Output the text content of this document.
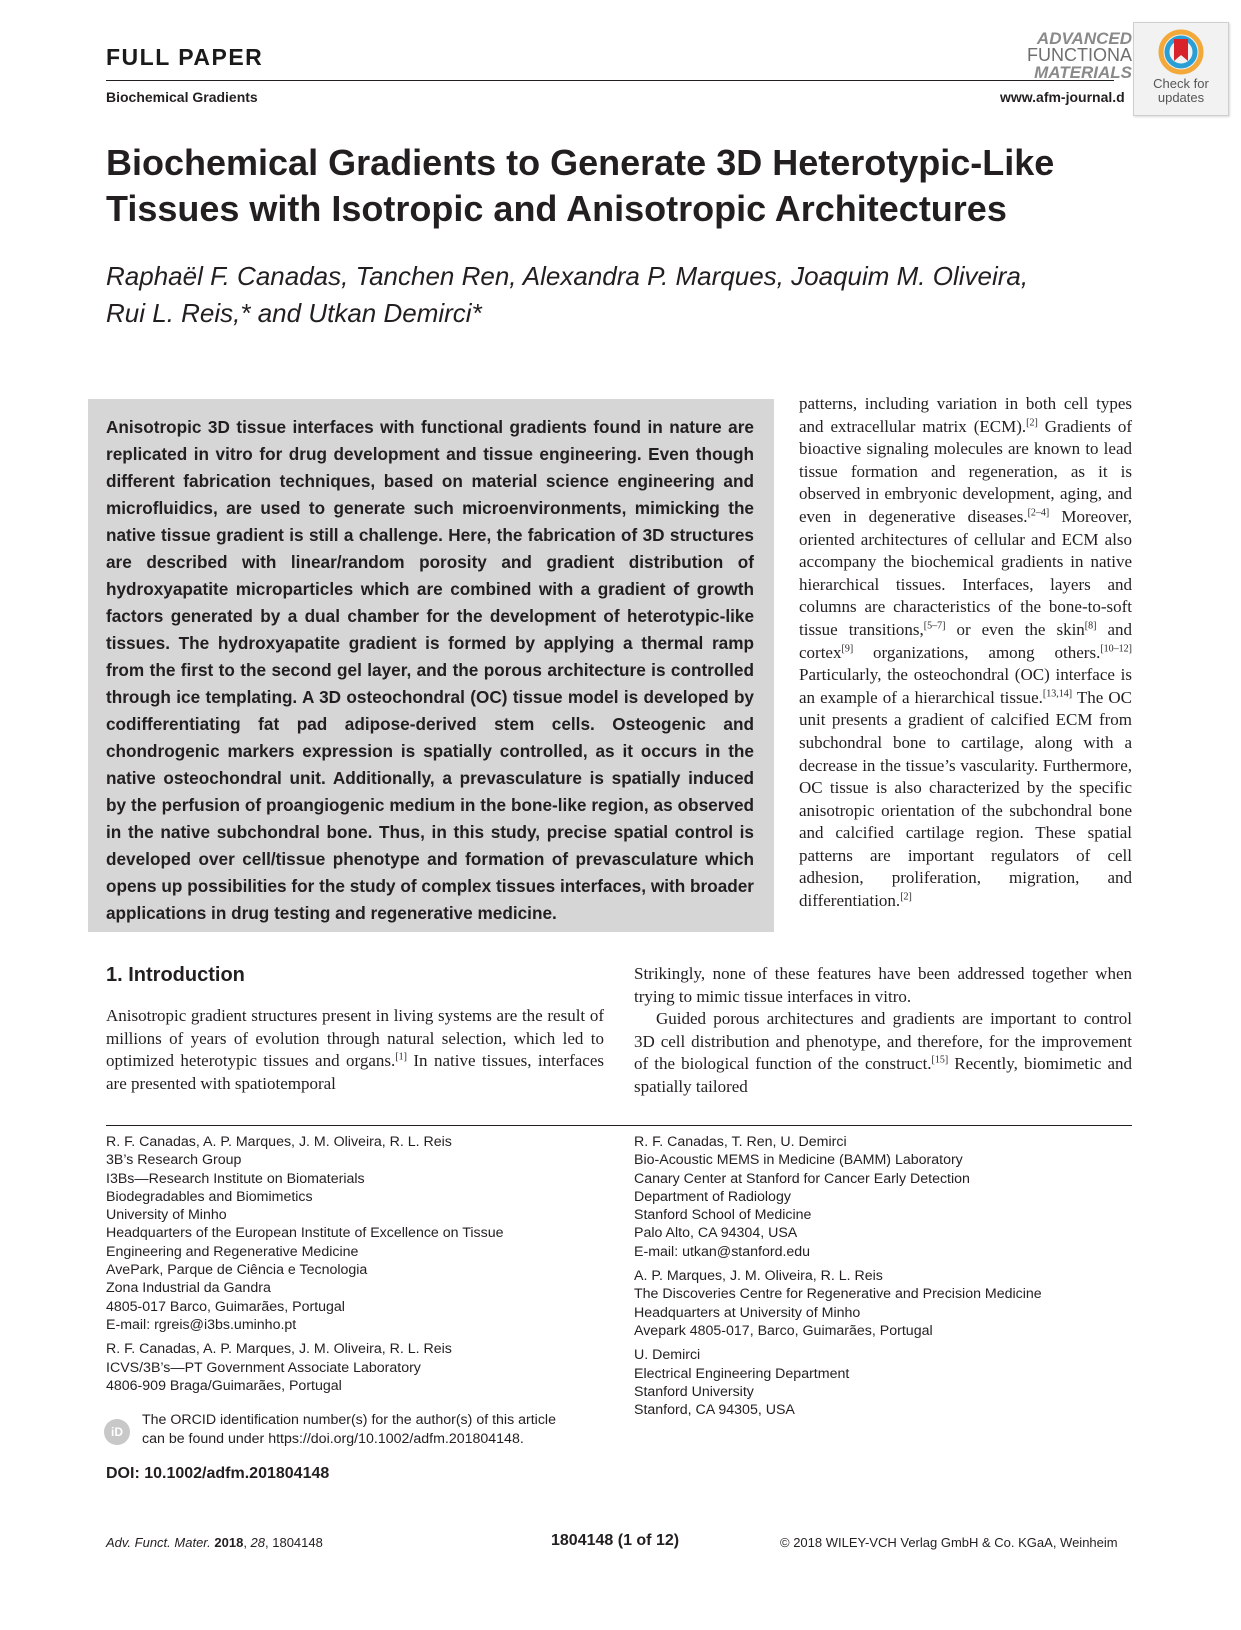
FULL PAPER
Biochemical Gradients	www.afm-journal.d
ADVANCED
FUNCTIONA
MATERIALS
Check for
updates
Biochemical Gradients to Generate 3D Heterotypic-Like
Tissues with Isotropic and Anisotropic Architectures
Raphaël F. Canadas, Tanchen Ren, Alexandra P. Marques, Joaquim M. Oliveira,
Rui L. Reis,* and Utkan Demirci*

Anisotropic 3D tissue interfaces with functional gradients found in nature are replicated in vitro for drug development and tissue engineering. Even though different fabrication techniques, based on material science engineering and microfluidics, are used to generate such microenvironments, mimicking the native tissue gradient is still a challenge. Here, the fabrication of 3D structures are described with linear/random porosity and gradient distribution of hydroxyapatite microparticles which are combined with a gradient of growth factors generated by a dual chamber for the development of heterotypic-like tissues. The hydroxyapatite gradient is formed by applying a thermal ramp from the first to the second gel layer, and the porous architecture is controlled through ice templating. A 3D osteochondral (OC) tissue model is developed by codifferentiating fat pad adipose-derived stem cells. Osteogenic and chondrogenic markers expression is spatially controlled, as it occurs in the native osteochondral unit. Additionally, a prevasculature is spatially induced by the perfusion of proangiogenic medium in the bone-like region, as observed in the native subchondral bone. Thus, in this study, precise spatial control is developed over cell/tissue phenotype and formation of prevasculature which opens up possibilities for the study of complex tissues interfaces, with broader applications in drug testing and regenerative medicine.

patterns, including variation in both cell types and extracellular matrix (ECM).[2] Gradients of bioactive signaling molecules are known to lead tissue formation and regeneration, as it is observed in embryonic development, aging, and even in degenerative diseases.[2–4] Moreover, oriented architectures of cellular and ECM also accompany the biochemical gradients in native hierarchical tissues. Interfaces, layers and columns are characteristics of the bone-to-soft tissue transitions,[5–7] or even the skin[8] and cortex[9] organizations, among others.[10–12] Particularly, the osteochondral (OC) interface is an example of a hierarchical tissue.[13,14] The OC unit presents a gradient of calcified ECM from subchondral bone to cartilage, along with a decrease in the tissue’s vascularity. Furthermore, OC tissue is also characterized by the specific anisotropic orientation of the subchondral bone and calcified cartilage region. These spatial patterns are important regulators of cell adhesion, proliferation, migration, and differentiation.[2]

1. Introduction	Strikingly, none of these features have been addressed together when trying to mimic tissue interfaces in vitro.

Guided porous architectures and gradients are important to control 3D cell distribution and phenotype, and therefore, for the improvement of the biological function of the construct.[15] Recently, biomimetic and spatially tailored

Anisotropic gradient structures present in living systems are the result of millions of years of evolution through natural selection, which led to optimized heterotypic tissues and organs.[1] In native tissues, interfaces are presented with spatiotemporal

R. F. Canadas, A. P. Marques, J. M. Oliveira, R. L. Reis
3B’s Research Group
I3Bs—Research Institute on Biomaterials
Biodegradables and Biomimetics
University of Minho
Headquarters of the European Institute of Excellence on Tissue
Engineering and Regenerative Medicine
AvePark, Parque de Ciência e Tecnologia
Zona Industrial da Gandra
4805-017 Barco, Guimarães, Portugal
E-mail: rgreis@i3bs.uminho.pt
R. F. Canadas, A. P. Marques, J. M. Oliveira, R. L. Reis
ICVS/3B’s—PT Government Associate Laboratory
4806-909 Braga/Guimarães, Portugal
R. F. Canadas, T. Ren, U. Demirci
Bio-Acoustic MEMS in Medicine (BAMM) Laboratory
Canary Center at Stanford for Cancer Early Detection
Department of Radiology
Stanford School of Medicine
Palo Alto, CA 94304, USA
E-mail: utkan@stanford.edu
A. P. Marques, J. M. Oliveira, R. L. Reis
The Discoveries Centre for Regenerative and Precision Medicine
Headquarters at University of Minho
Avepark 4805-017, Barco, Guimarães, Portugal
U. Demirci
Electrical Engineering Department
Stanford University
Stanford, CA 94305, USA
iD
The ORCID identification number(s) for the author(s) of this article
can be found under https://doi.org/10.1002/adfm.201804148.
DOI: 10.1002/adfm.201804148
Adv. Funct. Mater. 2018, 28, 1804148	1804148 (1 of 12)	© 2018 WILEY-VCH Verlag GmbH & Co. KGaA, Weinheim
